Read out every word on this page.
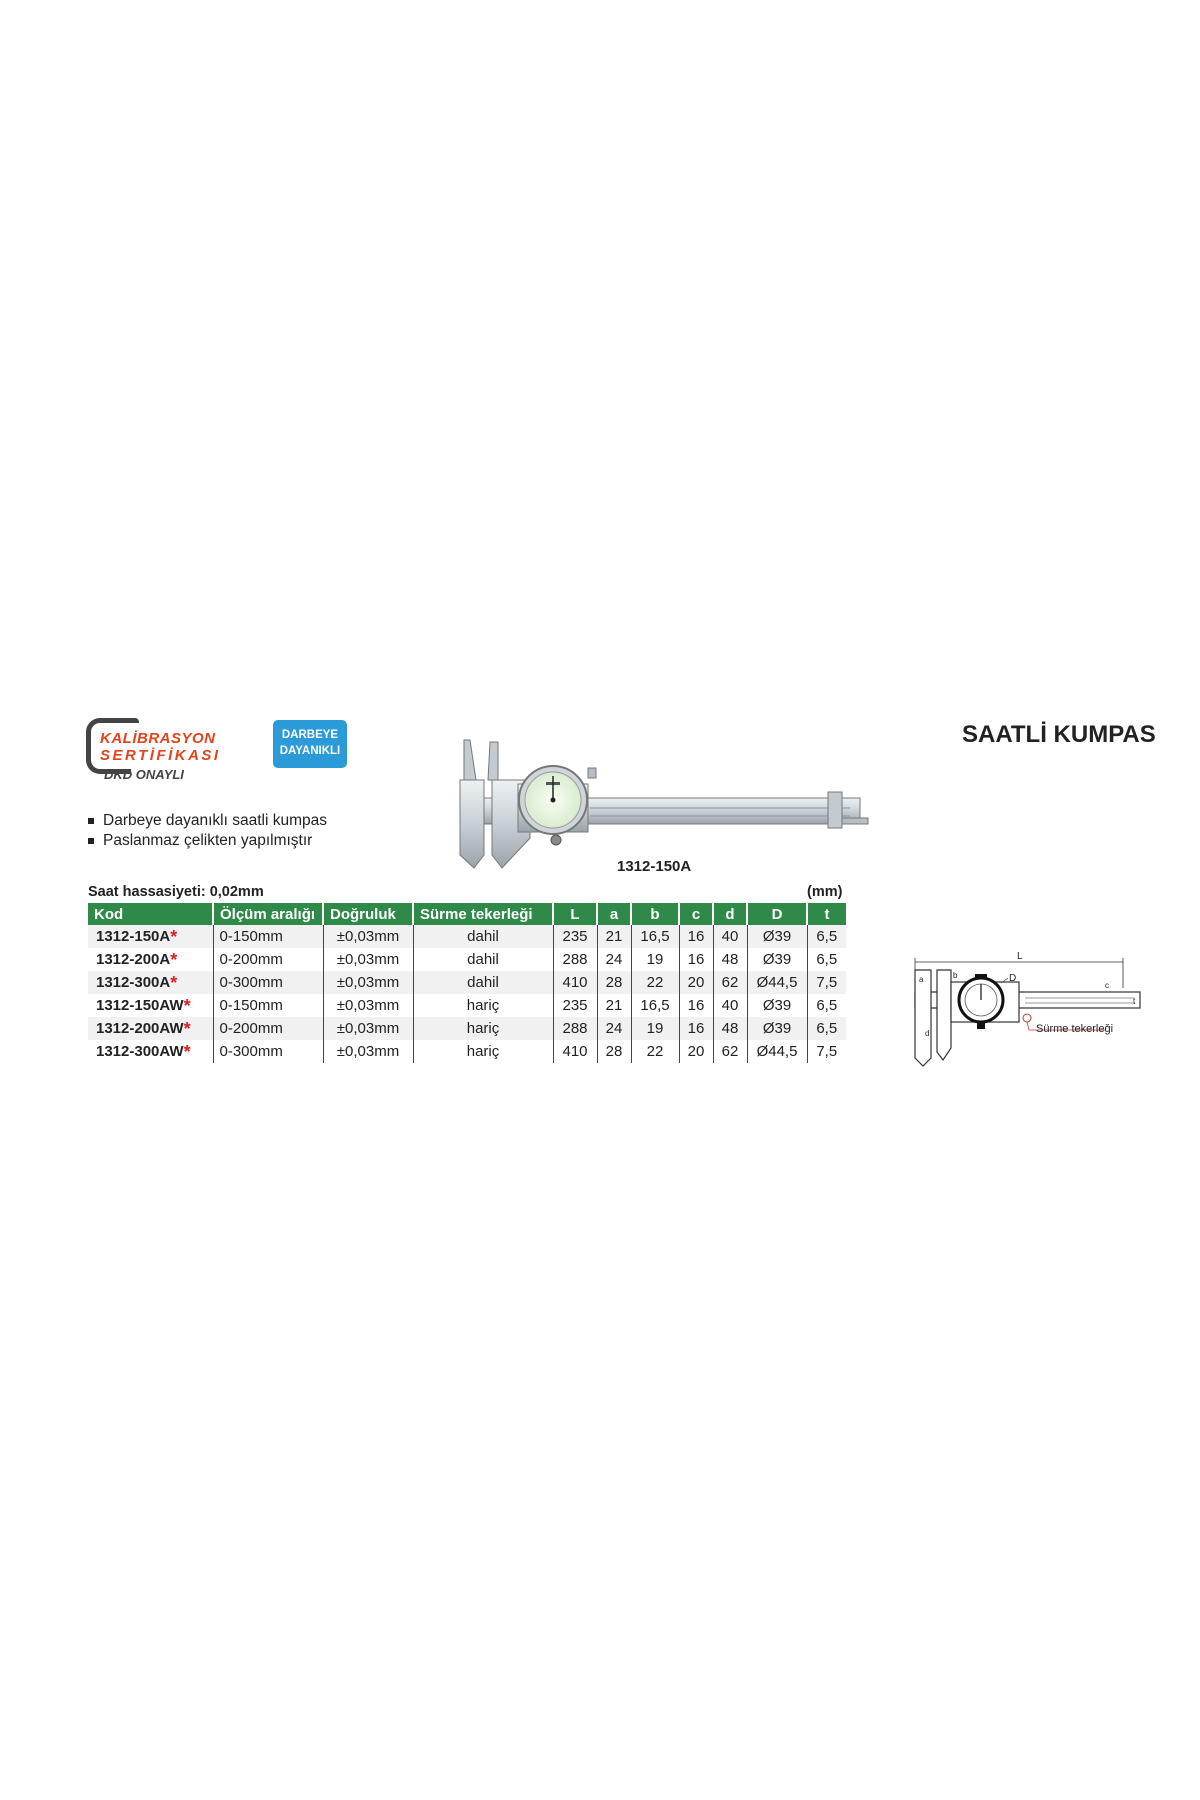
KALİBRASYON
SERTİFİKASI
DKD ONAYLI
DARBEYE
DAYANIKLI
SAATLİ KUMPAS
Darbeye dayanıklı saatli kumpas
Paslanmaz çelikten yapılmıştır
1312-150A
Saat hassasiyeti: 0,02mm	(mm)
Kod	Ölçüm aralığı	Doğruluk	Sürme tekerleği	L	a	b	c	d	D	t
1312-150A*	0-150mm	±0,03mm	dahil	235	21	16,5	16	40	Ø39	6,5
1312-200A*	0-200mm	±0,03mm	dahil	288	24	19	16	48	Ø39	6,5
1312-300A*	0-300mm	±0,03mm	dahil	410	28	22	20	62	Ø44,5	7,5
1312-150AW*	0-150mm	±0,03mm	hariç	235	21	16,5	16	40	Ø39	6,5
1312-200AW*	0-200mm	±0,03mm	hariç	288	24	19	16	48	Ø39	6,5
1312-300AW*	0-300mm	±0,03mm	hariç	410	28	22	20	62	Ø44,5	7,5
L
D
a	b
d
c
t
Sürme tekerleği
